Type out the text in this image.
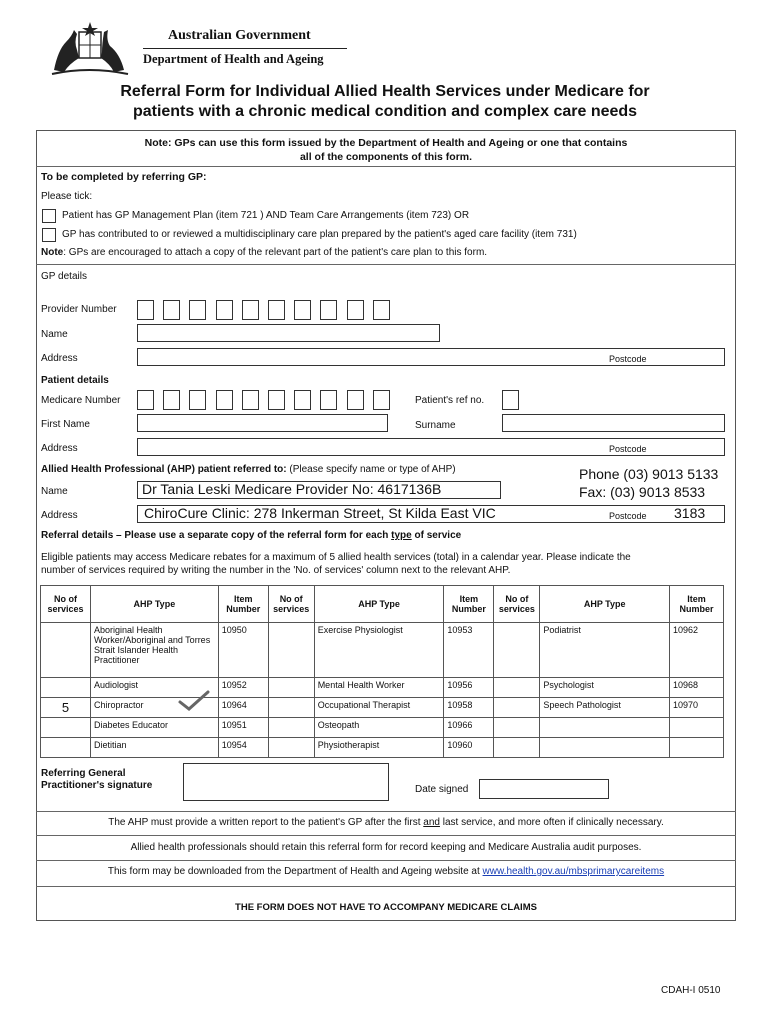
Australian Government
Department of Health and Ageing
Referral Form for Individual Allied Health Services under Medicare for
patients with a chronic medical condition and complex care needs
Note: GPs can use this form issued by the Department of Health and Ageing or one that contains
all of the components of this form.
To be completed by referring GP:
Please tick:
Patient has GP Management Plan (item 721 ) AND Team Care Arrangements (item 723) OR
GP has contributed to or reviewed a multidisciplinary care plan prepared by the patient's aged care facility (item 731)
Note: GPs are encouraged to attach a copy of the relevant part of the patient's care plan to this form.
GP details
Provider Number
Name
Address	Postcode
Patient details
Medicare Number	Patient's ref no.
First Name	Surname
Address	Postcode
Allied Health Professional (AHP) patient referred to: (Please specify name or type of AHP)	Phone (03) 9013 5133
Fax: (03) 9013 8533
Name	Dr Tania Leski Medicare Provider No: 4617136B
Address	ChiroCure Clinic: 278 Inkerman Street, St Kilda East VIC	Postcode 3183
Referral details – Please use a separate copy of the referral form for each type of service
Eligible patients may access Medicare rebates for a maximum of 5 allied health services (total) in a calendar year. Please indicate the
number of services required by writing the number in the 'No. of services' column next to the relevant AHP.
No of services	AHP Type	Item Number	No of services	AHP Type	Item Number	No of services	AHP Type	Item Number
	Aboriginal Health Worker/Aboriginal and Torres Strait Islander Health Practitioner	10950		Exercise Physiologist	10953		Podiatrist	10962
	Audiologist	10952		Mental Health Worker	10956		Psychologist	10968
5	Chiropractor	10964		Occupational Therapist	10958		Speech Pathologist	10970
	Diabetes Educator	10951		Osteopath	10966			
	Dietitian	10954		Physiotherapist	10960			
Referring General
Practitioner's signature	Date signed
The AHP must provide a written report to the patient's GP after the first and last service, and more often if clinically necessary.
Allied health professionals should retain this referral form for record keeping and Medicare Australia audit purposes.
This form may be downloaded from the Department of Health and Ageing website at www.health.gov.au/mbsprimarycareitems
THE FORM DOES NOT HAVE TO ACCOMPANY MEDICARE CLAIMS
CDAH-I 0510
